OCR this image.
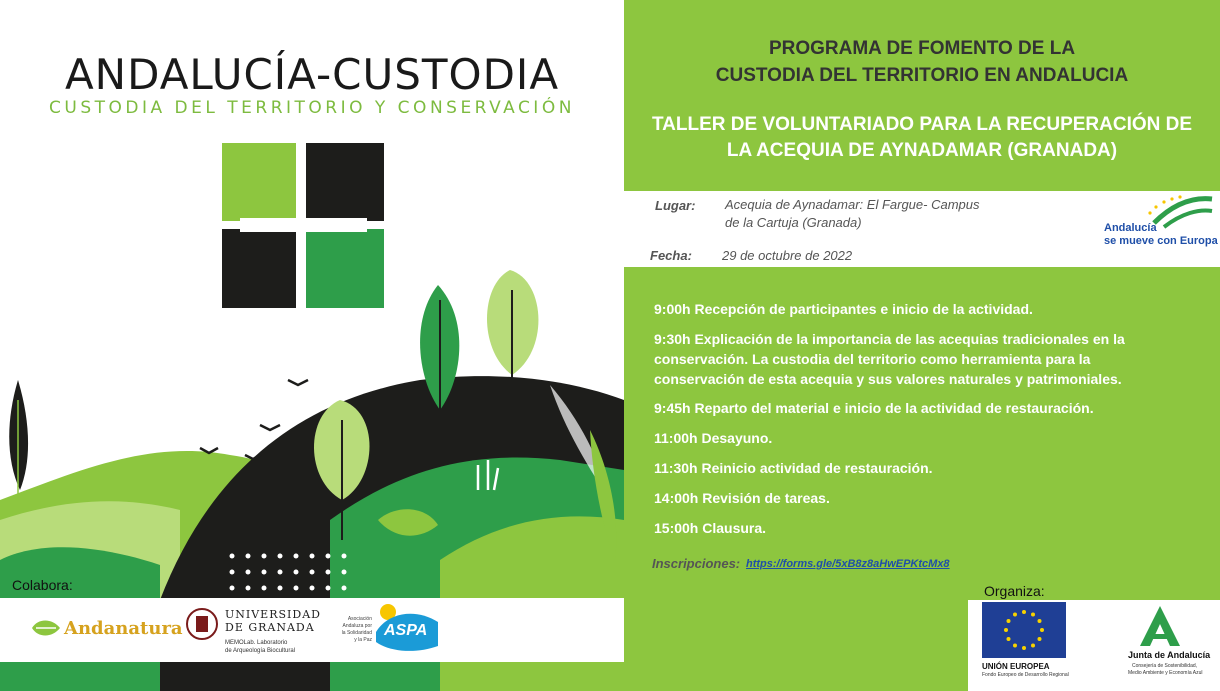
ANDALUCÍA-CUSTODIA
CUSTODIA DEL TERRITORIO Y CONSERVACIÓN
Colabora:
Andanatura
UNIVERSIDAD
DE GRANADA
MEMOLab. Laboratorio
de Arqueología Biocultural
Asociación
Andaluza por
la Solidaridad
y la Paz
ASPA
PROGRAMA DE FOMENTO DE LA
CUSTODIA DEL TERRITORIO EN ANDALUCIA
TALLER DE VOLUNTARIADO PARA LA RECUPERACIÓN DE
LA ACEQUIA DE AYNADAMAR (GRANADA)
Lugar: Acequia de Aynadamar: El Fargue- Campus
de la Cartuja (Granada)
Fecha: 29 de octubre de 2022
Andalucía
se mueve con Europa
9:00h Recepción de participantes e inicio de la actividad.
9:30h Explicación de la importancia de las acequias tradicionales en la
conservación. La custodia del territorio como herramienta para la
conservación de esta acequia y sus valores naturales y patrimoniales.
9:45h Reparto del material e inicio de la actividad de restauración.
11:00h Desayuno.
11:30h Reinicio actividad de restauración.
14:00h Revisión de tareas.
15:00h Clausura.
Inscripciones: https://forms.gle/5xB8z8aHwEPKtcMx8
Organiza:
UNIÓN EUROPEA
Fondo Europeo de Desarrollo Regional
Junta de Andalucía
Consejería de Sostenibilidad,
Medio Ambiente y Economía Azul
